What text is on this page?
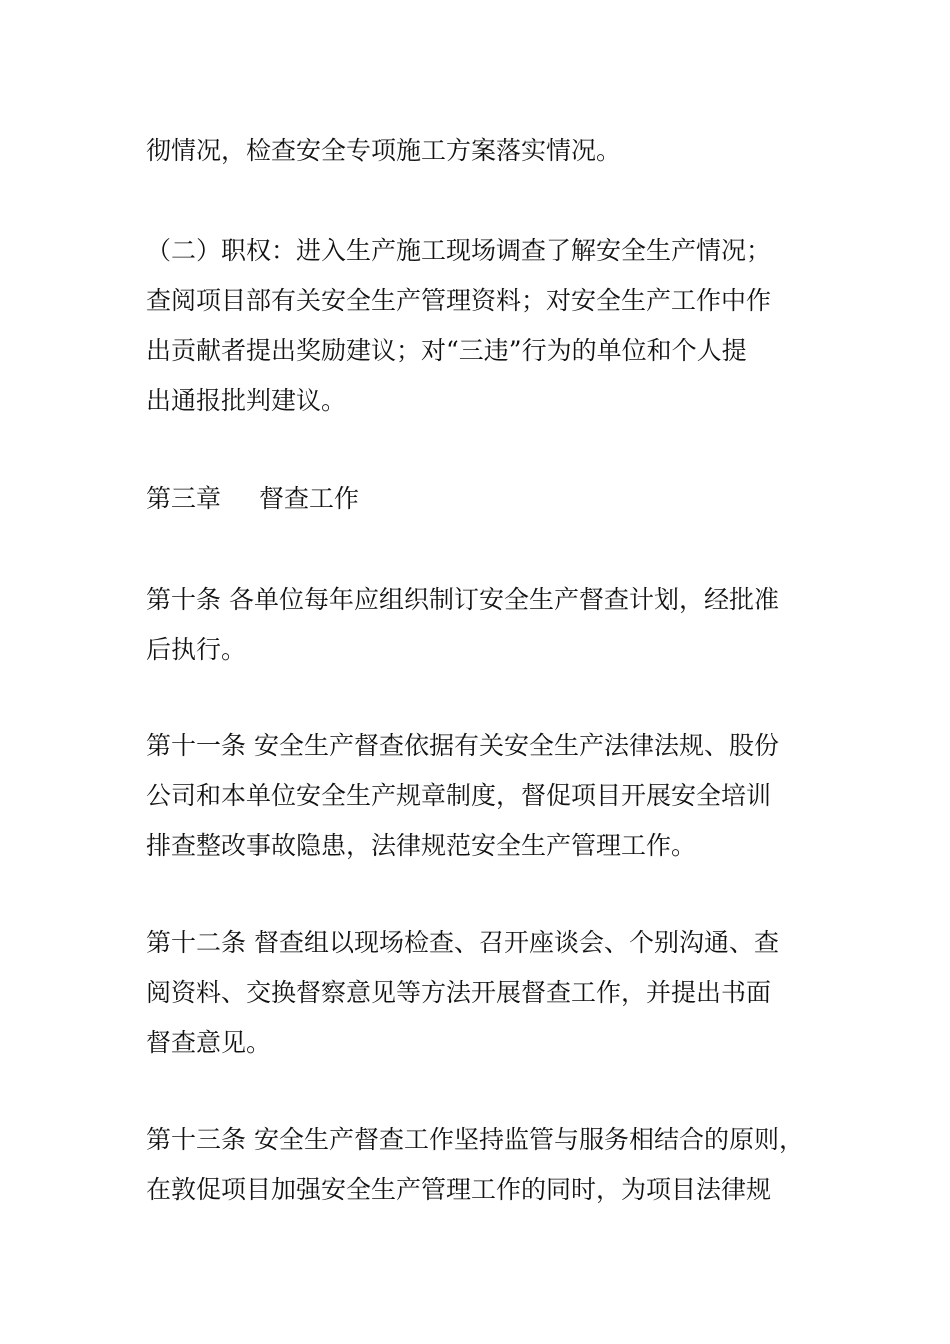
彻情况，检查安全专项施工方案落实情况。

（二）职权：进入生产施工现场调查了解安全生产情况；
查阅项目部有关安全生产管理资料；对安全生产工作中作
出贡献者提出奖励建议；对“三违”行为的单位和个人提
出通报批判建议。

第三章 督查工作

第十条 各单位每年应组织制订安全生产督查计划，经批准
后执行。

第十一条 安全生产督查依据有关安全生产法律法规、股份
公司和本单位安全生产规章制度，督促项目开展安全培训
排查整改事故隐患，法律规范安全生产管理工作。

第十二条 督查组以现场检查、召开座谈会、个别沟通、查
阅资料、交换督察意见等方法开展督查工作，并提出书面
督查意见。

第十三条 安全生产督查工作坚持监管与服务相结合的原则，
在敦促项目加强安全生产管理工作的同时，为项目法律规
